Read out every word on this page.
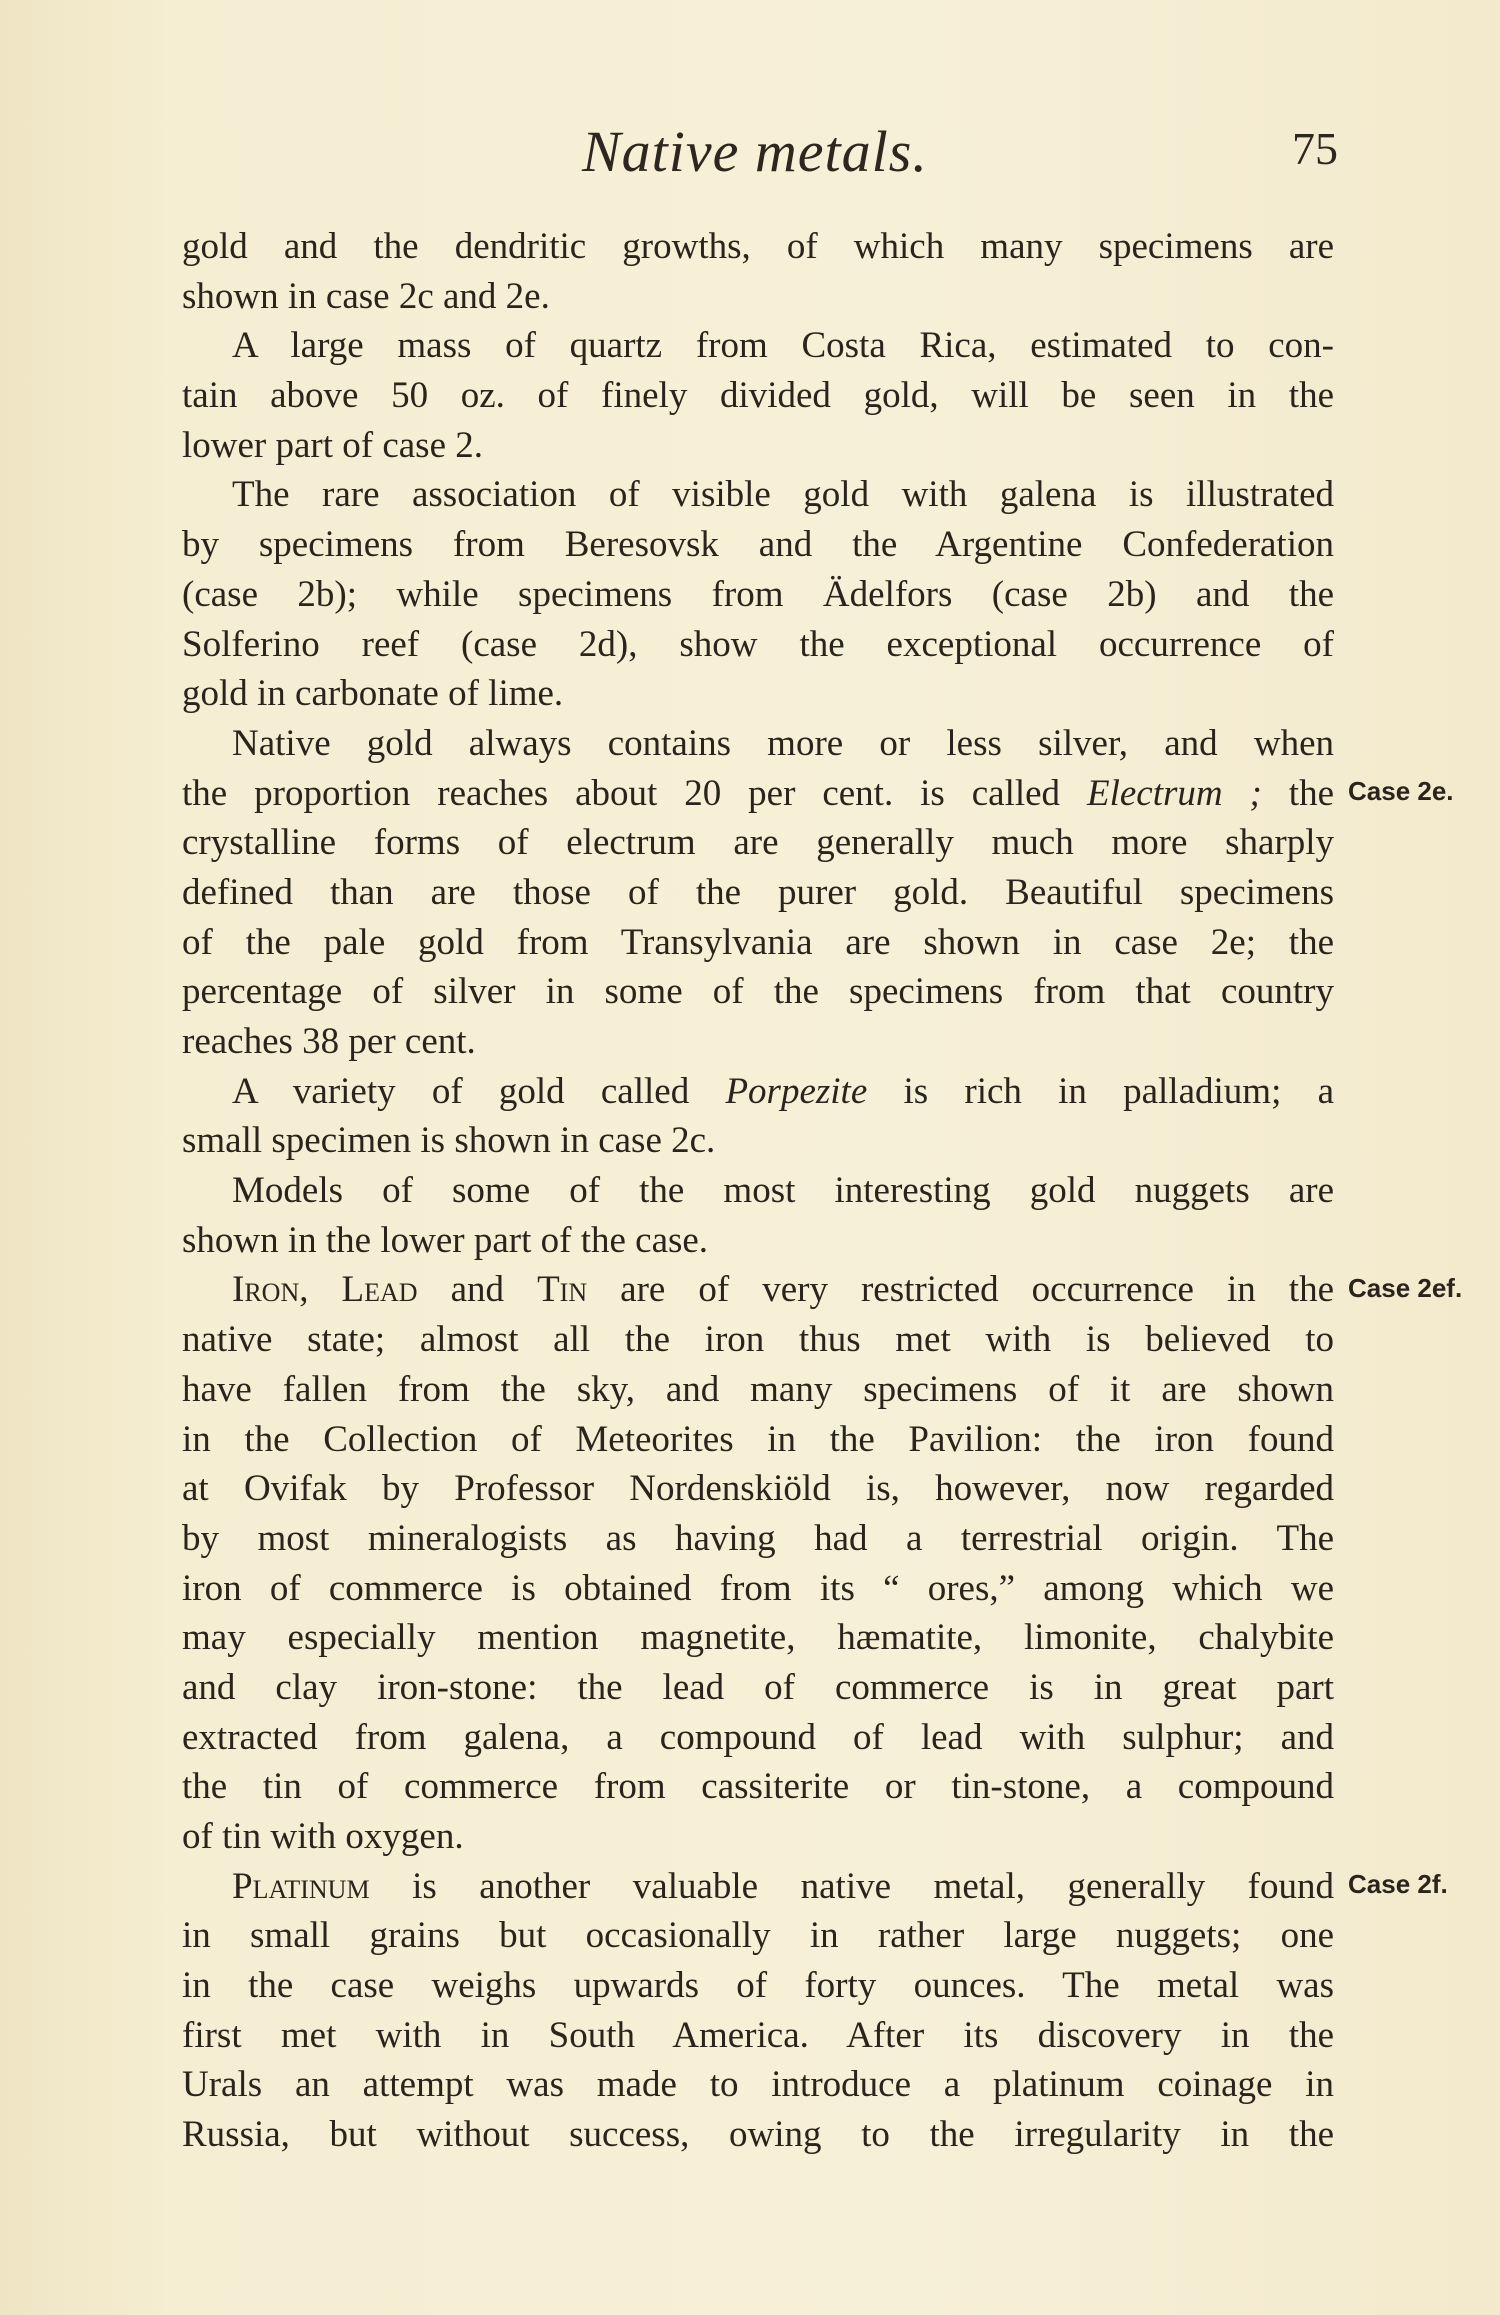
Native metals.	75
gold and the dendritic growths, of which many specimens are
shown in case 2c and 2e.
A large mass of quartz from Costa Rica, estimated to con-
tain above 50 oz. of finely divided gold, will be seen in the
lower part of case 2.
The rare association of visible gold with galena is illustrated
by specimens from Beresovsk and the Argentine Confederation
(case 2b); while specimens from Ädelfors (case 2b) and the
Solferino reef (case 2d), show the exceptional occurrence of
gold in carbonate of lime.
Native gold always contains more or less silver, and when
the proportion reaches about 20 per cent. is called Electrum ; the
crystalline forms of electrum are generally much more sharply
defined than are those of the purer gold. Beautiful specimens
of the pale gold from Transylvania are shown in case 2e; the
percentage of silver in some of the specimens from that country
reaches 38 per cent.
A variety of gold called Porpezite is rich in palladium; a
small specimen is shown in case 2c.
Models of some of the most interesting gold nuggets are
shown in the lower part of the case.
Iron, Lead and Tin are of very restricted occurrence in the
native state; almost all the iron thus met with is believed to
have fallen from the sky, and many specimens of it are shown
in the Collection of Meteorites in the Pavilion: the iron found
at Ovifak by Professor Nordenskiöld is, however, now regarded
by most mineralogists as having had a terrestrial origin. The
iron of commerce is obtained from its “ ores,” among which we
may especially mention magnetite, hæmatite, limonite, chalybite
and clay iron-stone: the lead of commerce is in great part
extracted from galena, a compound of lead with sulphur; and
the tin of commerce from cassiterite or tin-stone, a compound
of tin with oxygen.
Platinum is another valuable native metal, generally found
in small grains but occasionally in rather large nuggets; one
in the case weighs upwards of forty ounces. The metal was
first met with in South America. After its discovery in the
Urals an attempt was made to introduce a platinum coinage in
Russia, but without success, owing to the irregularity in the
Case 2e.
Case 2ef.
Case 2f.
